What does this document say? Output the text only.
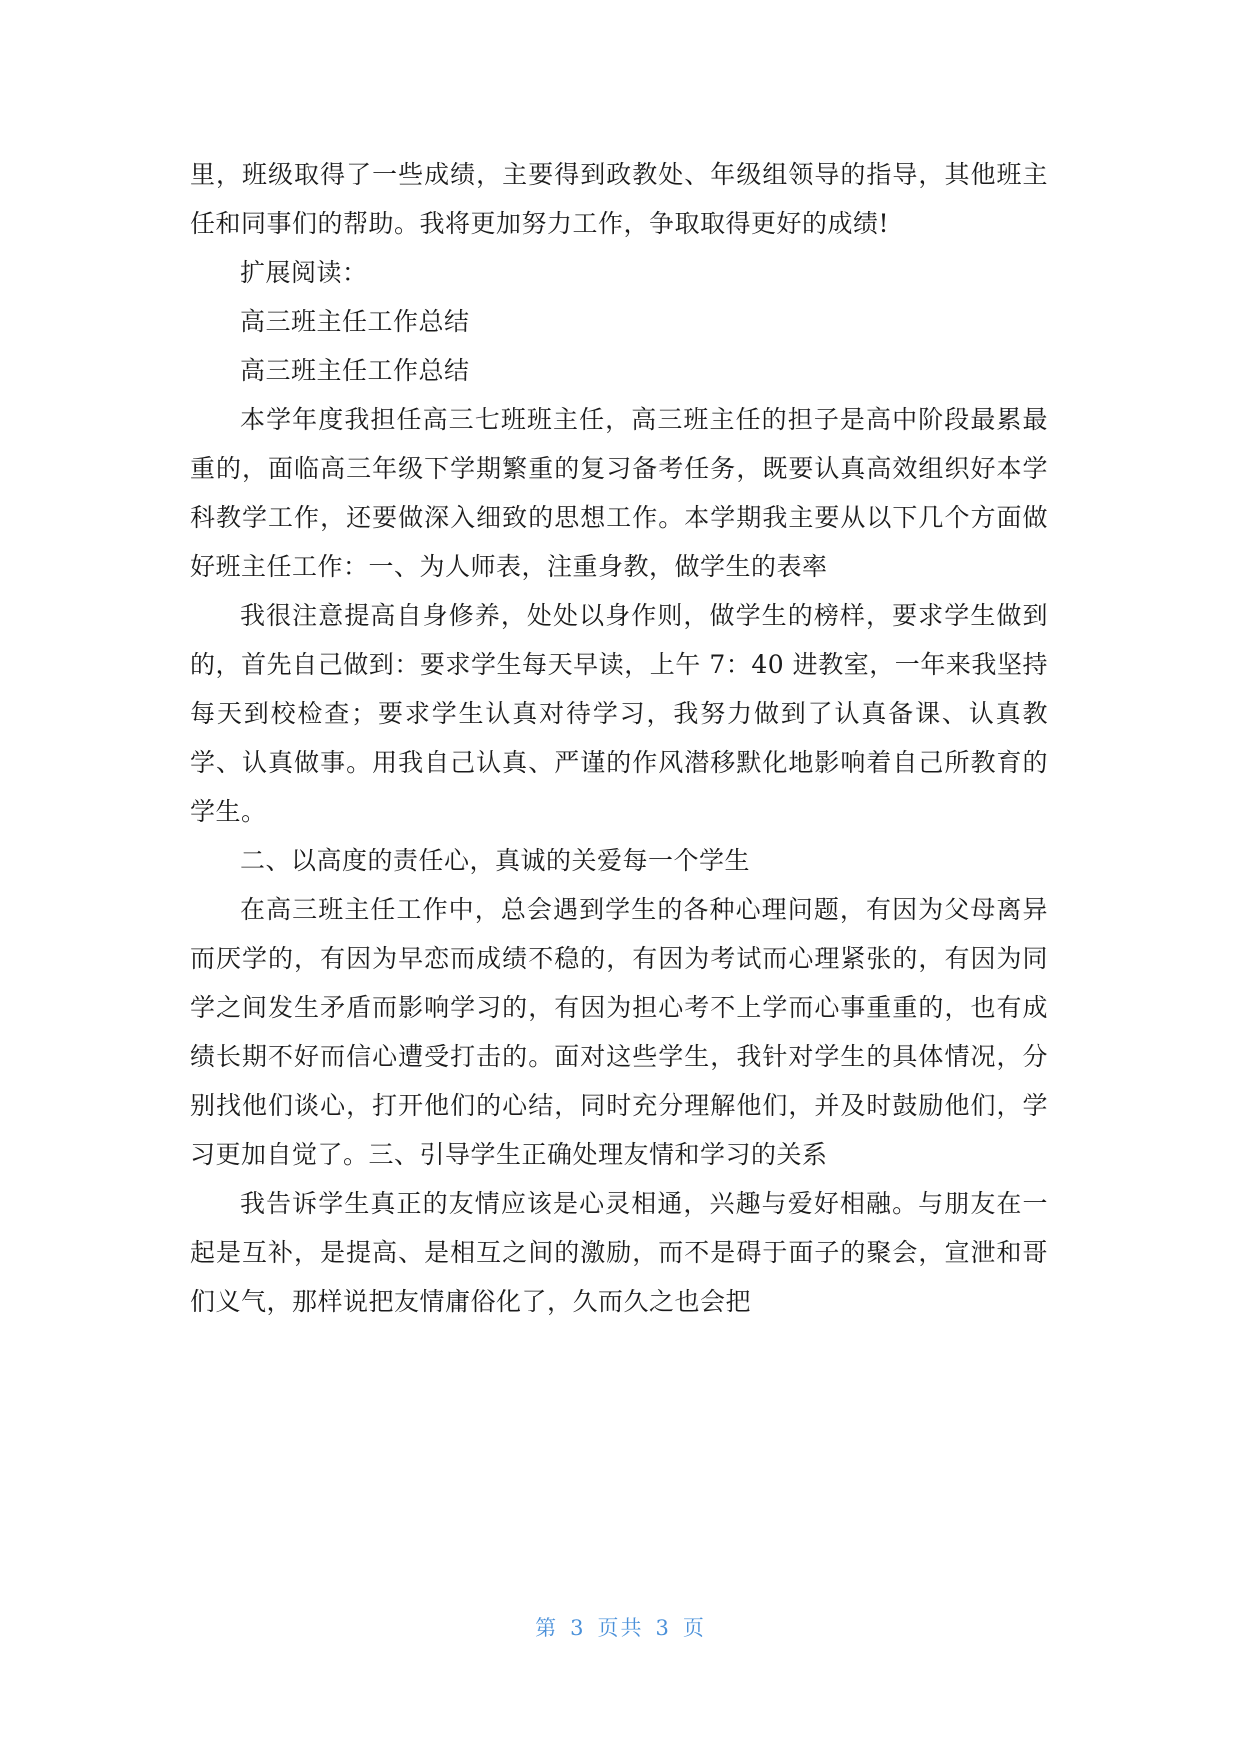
里，班级取得了一些成绩，主要得到政教处、年级组领导的指导，其他班主任和同事们的帮助。我将更加努力工作，争取取得更好的成绩!

扩展阅读：

高三班主任工作总结

高三班主任工作总结

本学年度我担任高三七班班主任，高三班主任的担子是高中阶段最累最重的，面临高三年级下学期繁重的复习备考任务，既要认真高效组织好本学科教学工作，还要做深入细致的思想工作。本学期我主要从以下几个方面做好班主任工作：一、为人师表，注重身教，做学生的表率

我很注意提高自身修养，处处以身作则，做学生的榜样，要求学生做到的，首先自己做到：要求学生每天早读，上午 7：40 进教室，一年来我坚持每天到校检查；要求学生认真对待学习，我努力做到了认真备课、认真教学、认真做事。用我自己认真、严谨的作风潜移默化地影响着自己所教育的学生。

二、以高度的责任心，真诚的关爱每一个学生

在高三班主任工作中，总会遇到学生的各种心理问题，有因为父母离异而厌学的，有因为早恋而成绩不稳的，有因为考试而心理紧张的，有因为同学之间发生矛盾而影响学习的，有因为担心考不上学而心事重重的，也有成绩长期不好而信心遭受打击的。面对这些学生，我针对学生的具体情况，分别找他们谈心，打开他们的心结，同时充分理解他们，并及时鼓励他们，学习更加自觉了。三、引导学生正确处理友情和学习的关系

我告诉学生真正的友情应该是心灵相通，兴趣与爱好相融。与朋友在一起是互补，是提高、是相互之间的激励，而不是碍于面子的聚会，宣泄和哥们义气，那样说把友情庸俗化了，久而久之也会把

第 3 页共 3 页
